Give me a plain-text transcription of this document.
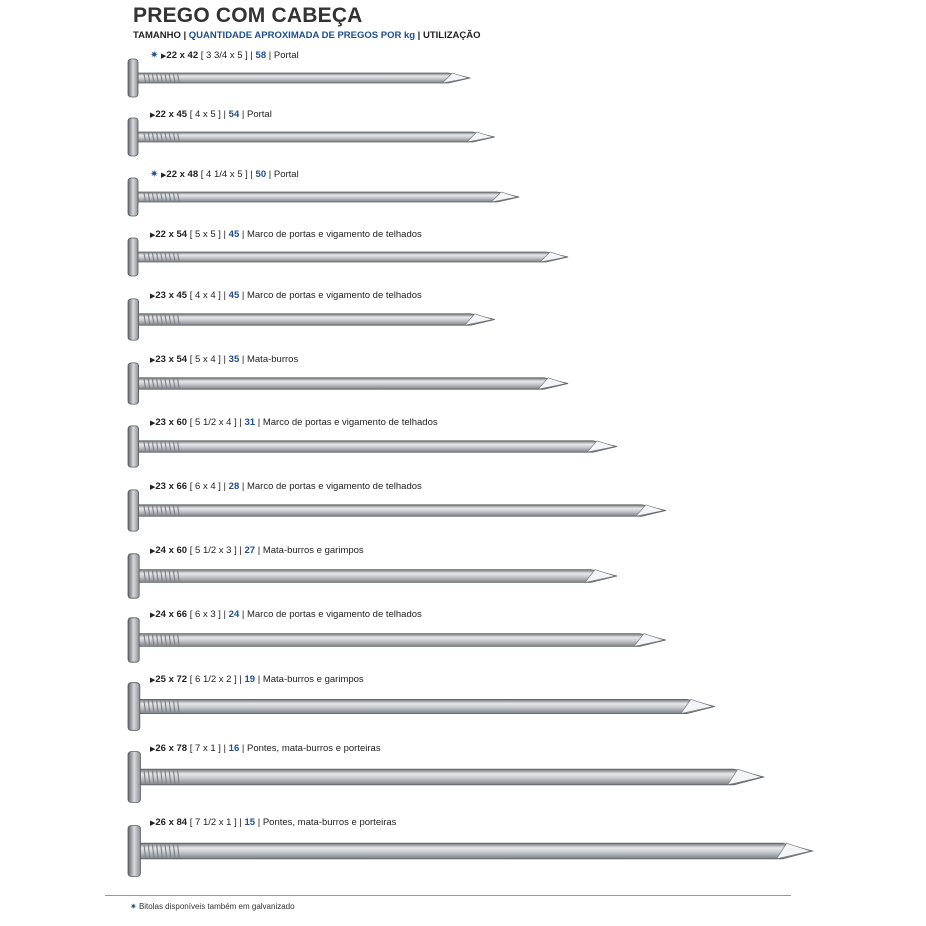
PREGO COM CABEÇA
TAMANHO | QUANTIDADE APROXIMADA DE PREGOS POR kg | UTILIZAÇÃO
✷ ▶22 x 42 [ 3 3/4 x 5 ] | 58 | Portal
▶22 x 45 [ 4 x 5 ] | 54 | Portal
✷ ▶22 x 48 [ 4 1/4 x 5 ] | 50 | Portal
▶22 x 54 [ 5 x 5 ] | 45 | Marco de portas e vigamento de telhados
▶23 x 45 [ 4 x 4 ] | 45 | Marco de portas e vigamento de telhados
▶23 x 54 [ 5 x 4 ] | 35 | Mata-burros
▶23 x 60 [ 5 1/2 x 4 ] | 31 | Marco de portas e vigamento de telhados
▶23 x 66 [ 6 x 4 ] | 28 | Marco de portas e vigamento de telhados
▶24 x 60 [ 5 1/2 x 3 ] | 27 | Mata-burros e garimpos
▶24 x 66 [ 6 x 3 ] | 24 | Marco de portas e vigamento de telhados
▶25 x 72 [ 6 1/2 x 2 ] | 19 | Mata-burros e garimpos
▶26 x 78 [ 7 x 1 ] | 16 | Pontes, mata-burros e porteiras
▶26 x 84 [ 7 1/2 x 1 ] | 15 | Pontes, mata-burros e porteiras
✷ Bitolas disponíveis também em galvanizado
